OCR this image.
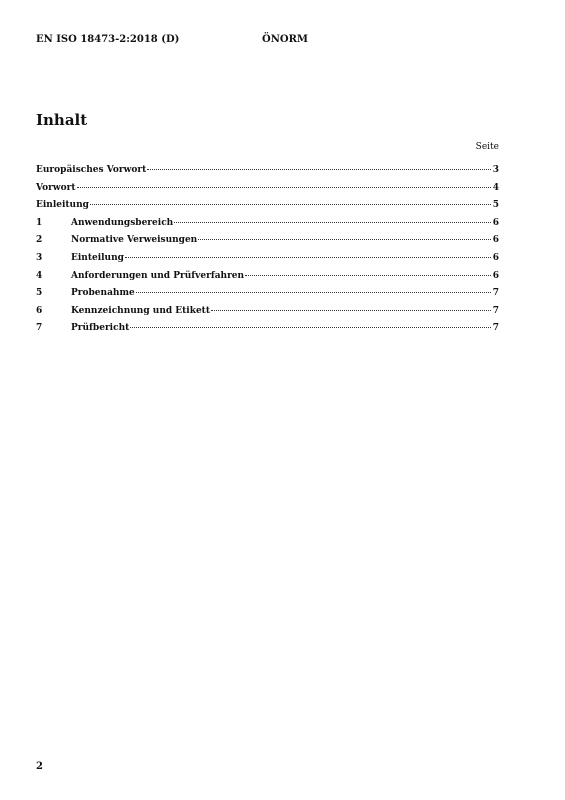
EN ISO 18473-2:2018 (D)	ÖNORM
Inhalt
Seite
Europäisches Vorwort	3
Vorwort	4
Einleitung	5
1	Anwendungsbereich	6
2	Normative Verweisungen	6
3	Einteilung	6
4	Anforderungen und Prüfverfahren	6
5	Probenahme	7
6	Kennzeichnung und Etikett	7
7	Prüfbericht	7
2
